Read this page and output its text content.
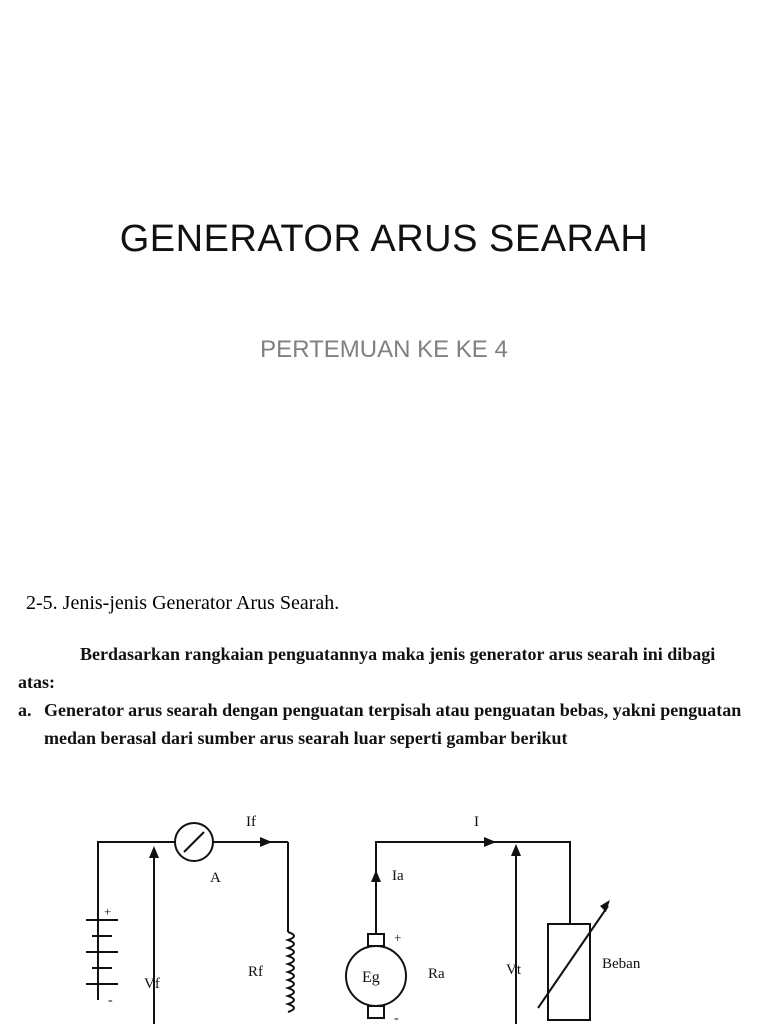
GENERATOR ARUS SEARAH

PERTEMUAN KE KE 4

2-5. Jenis-jenis Generator Arus Searah.

Berdasarkan rangkaian penguatannya maka jenis generator arus searah ini dibagi atas:

a. Generator arus searah dengan penguatan terpisah atau penguatan bebas, yakni penguatan medan berasal dari sumber arus searah luar seperti gambar berikut
If
A
Vf
Rf
+
-
I
Ia
+
-
Eg	Ra	Vt	Beban
